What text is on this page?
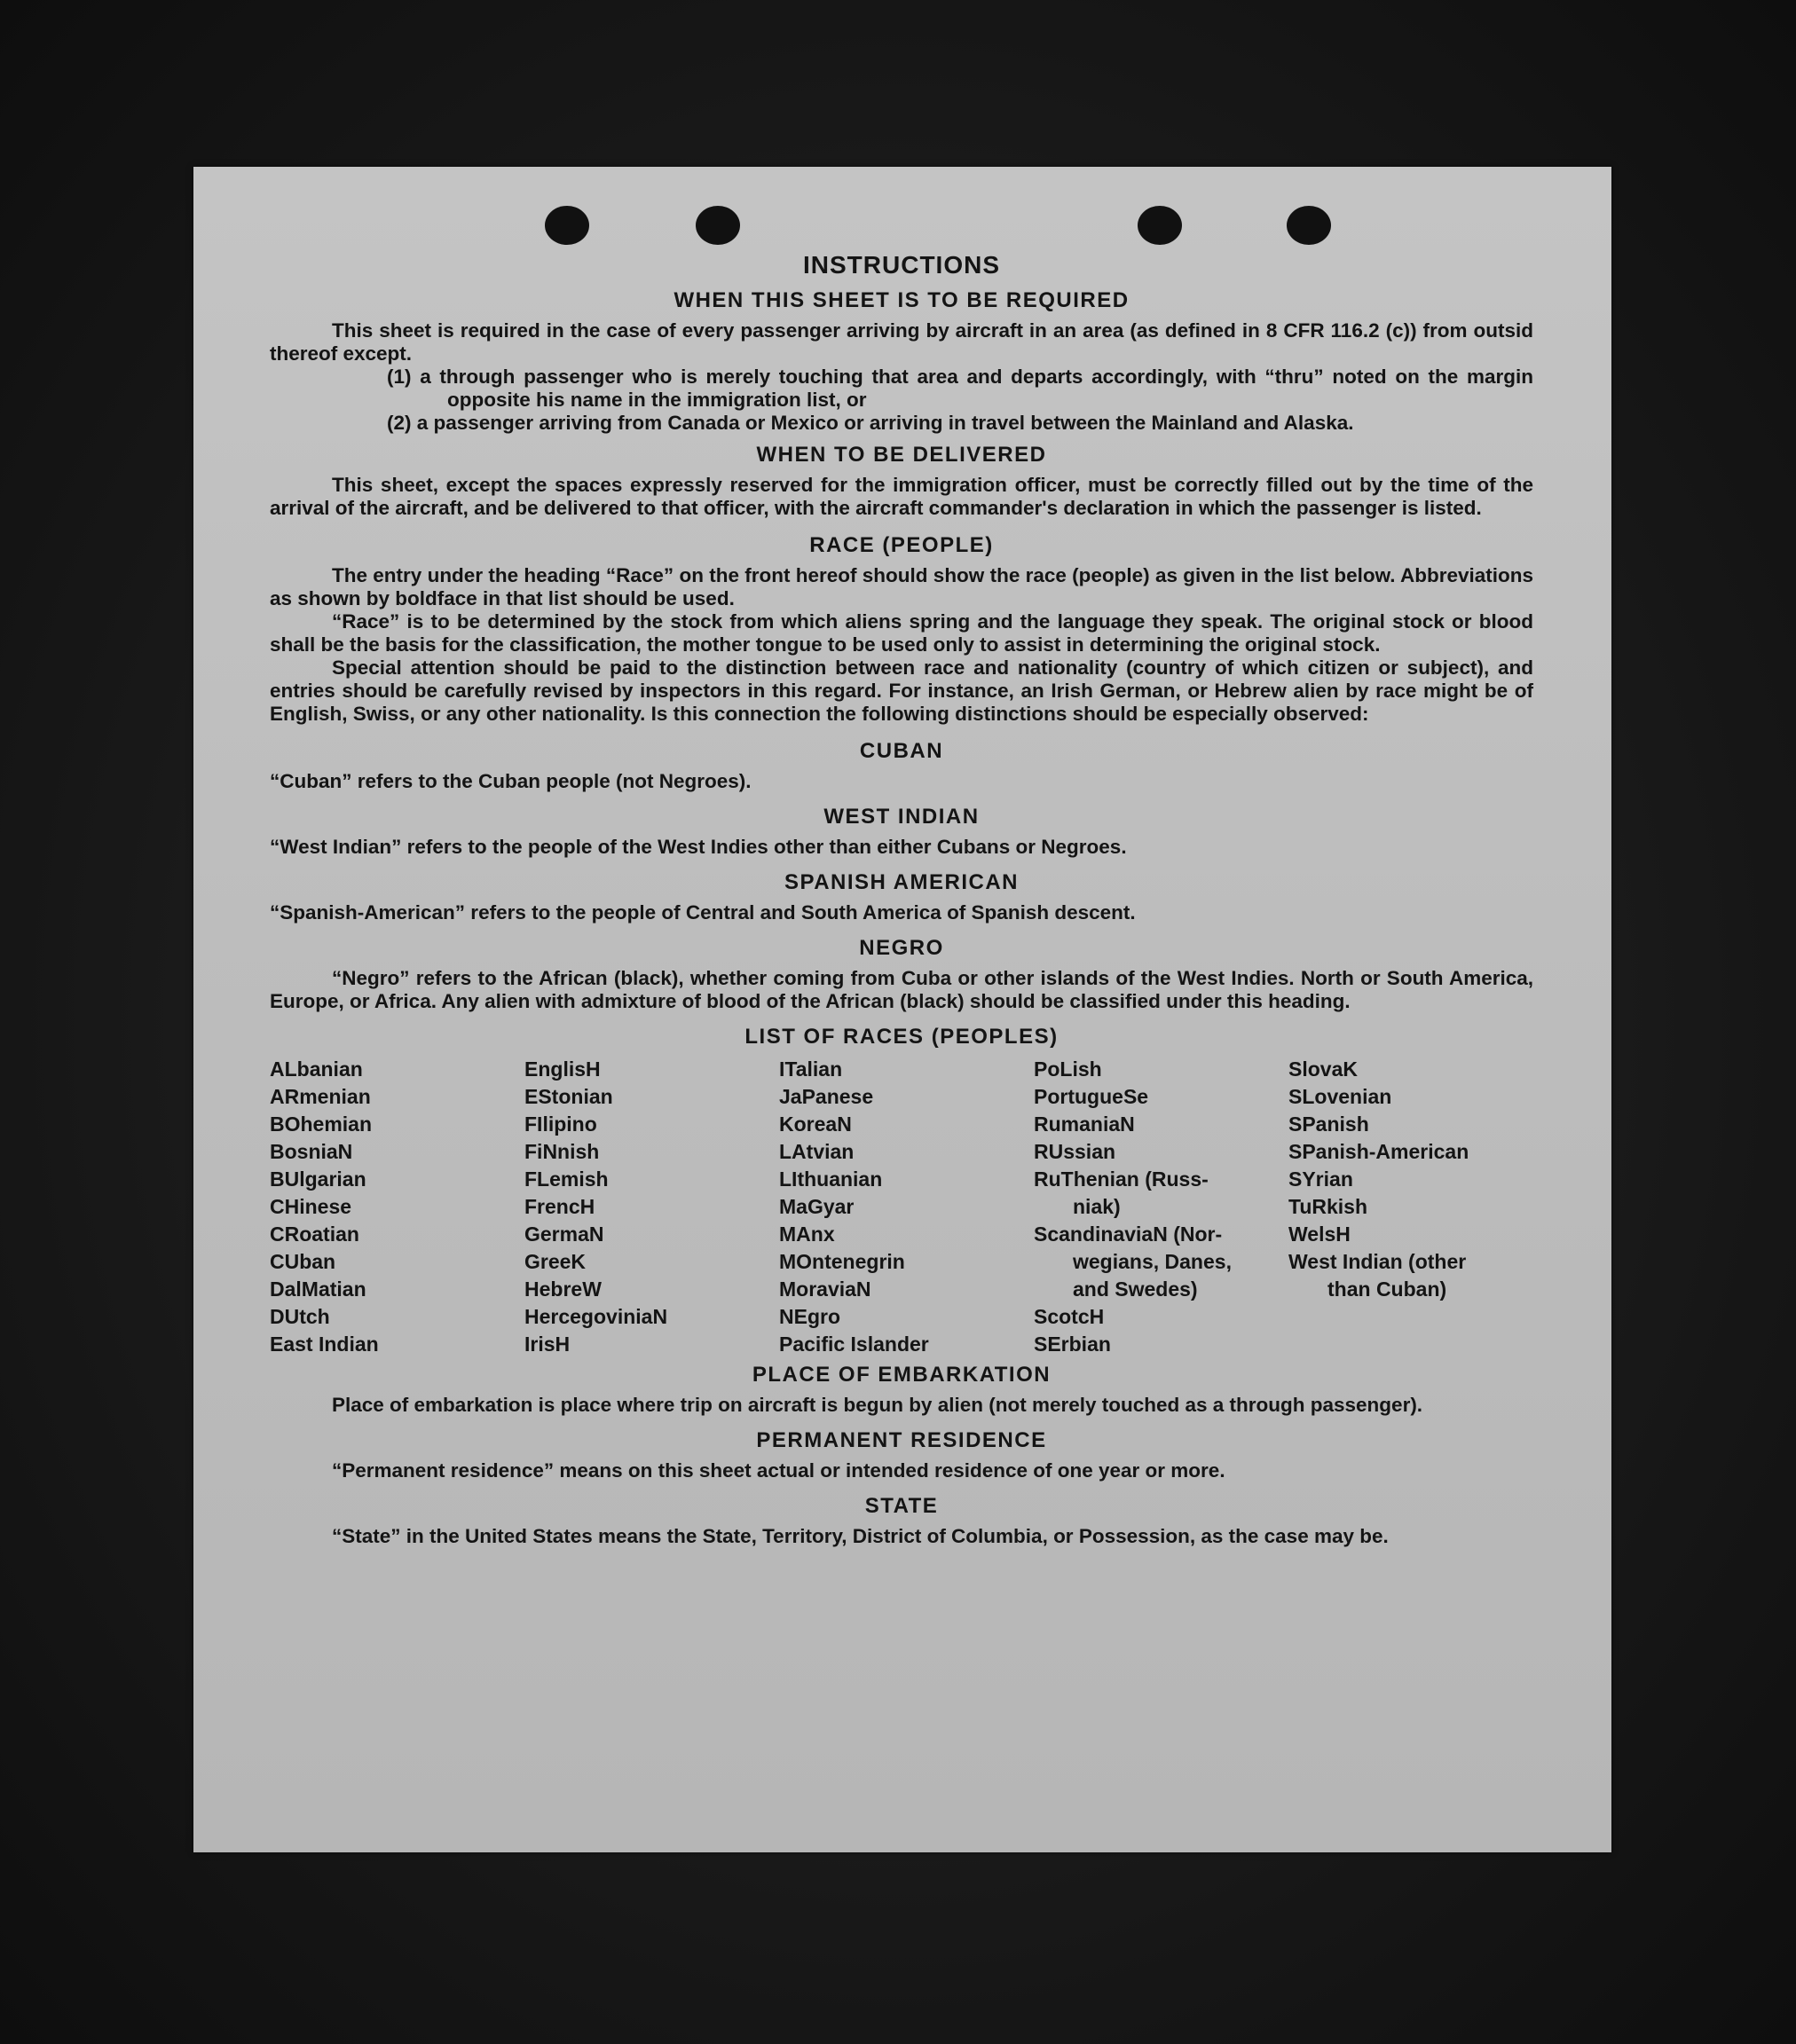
INSTRUCTIONS
WHEN THIS SHEET IS TO BE REQUIRED

This sheet is required in the case of every passenger arriving by aircraft in an area (as defined in 8 CFR 116.2 (c)) from outsid thereof except.

(1) a through passenger who is merely touching that area and departs accordingly, with “thru” noted on the margin opposite his name in the immigration list, or
(2) a passenger arriving from Canada or Mexico or arriving in travel between the Mainland and Alaska.
WHEN TO BE DELIVERED

This sheet, except the spaces expressly reserved for the immigration officer, must be correctly filled out by the time of the arrival of the aircraft, and be delivered to that officer, with the aircraft commander's declaration in which the passenger is listed.

RACE (PEOPLE)

The entry under the heading “Race” on the front hereof should show the race (people) as given in the list below. Abbreviations as shown by boldface in that list should be used.

“Race” is to be determined by the stock from which aliens spring and the language they speak. The original stock or blood shall be the basis for the classification, the mother tongue to be used only to assist in determining the original stock.

Special attention should be paid to the distinction between race and nationality (country of which citizen or subject), and entries should be carefully revised by inspectors in this regard. For instance, an Irish German, or Hebrew alien by race might be of English, Swiss, or any other nationality. Is this connection the following distinctions should be especially observed:

CUBAN

“Cuban” refers to the Cuban people (not Negroes).

WEST INDIAN

“West Indian” refers to the people of the West Indies other than either Cubans or Negroes.

SPANISH AMERICAN

“Spanish-American” refers to the people of Central and South America of Spanish descent.

NEGRO

“Negro” refers to the African (black), whether coming from Cuba or other islands of the West Indies. North or South America, Europe, or Africa. Any alien with admixture of blood of the African (black) should be classified under this heading.

LIST OF RACES (PEOPLES)
ALbanian
ARmenian
BOhemian
BosniaN
BUlgarian
CHinese
CRoatian
CUban
DalMatian
DUtch
East Indian
EnglisH
EStonian
FIlipino
FiNnish
FLemish
FrencH
GermaN
GreeK
HebreW
HercegoviniaN
IrisH
ITalian
JaPanese
KoreaN
LAtvian
LIthuanian
MaGyar
MAnx
MOntenegrin
MoraviaN
NEgro
Pacific Islander
PoLish
PortugueSe
RumaniaN
RUssian
RuThenian (Russ-
niak)
ScandinaviaN (Nor-
wegians, Danes,
and Swedes)
ScotcH
SErbian
SlovaK
SLovenian
SPanish
SPanish-American
SYrian
TuRkish
WelsH
West Indian (other
than Cuban)
PLACE OF EMBARKATION

Place of embarkation is place where trip on aircraft is begun by alien (not merely touched as a through passenger).

PERMANENT RESIDENCE

“Permanent residence” means on this sheet actual or intended residence of one year or more.

STATE

“State” in the United States means the State, Territory, District of Columbia, or Possession, as the case may be.
